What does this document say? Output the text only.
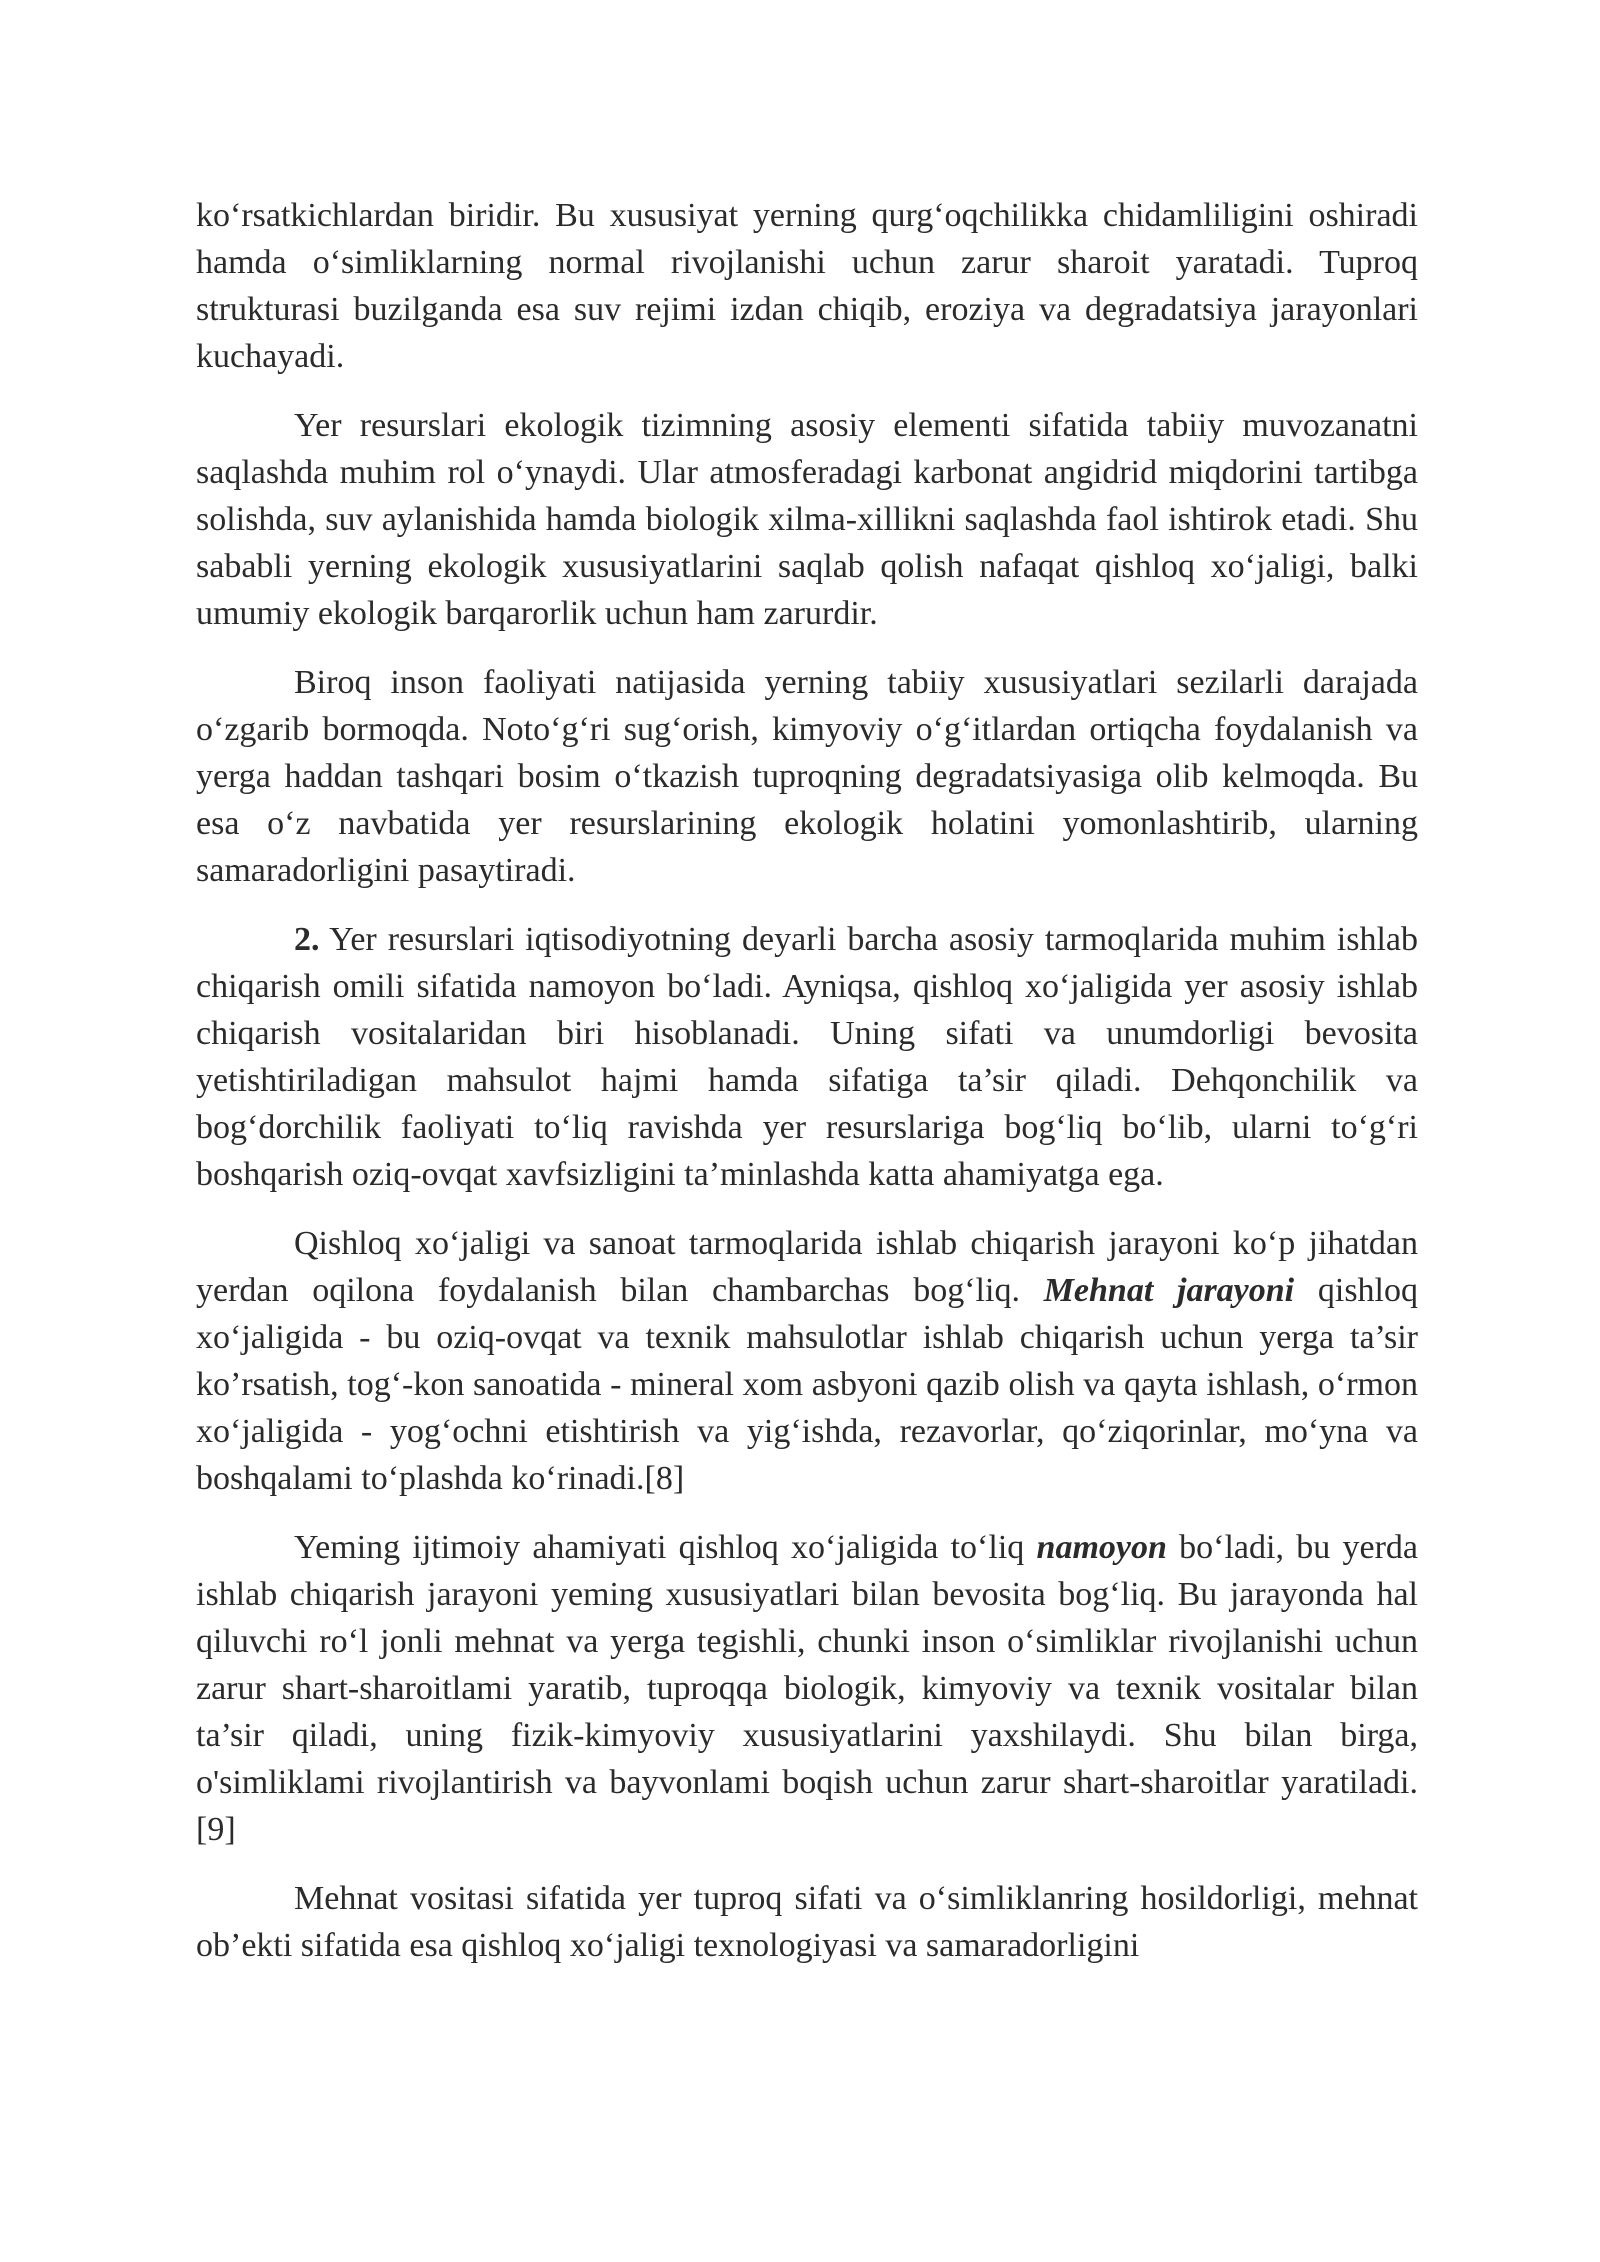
ko‘rsatkichlardan biridir. Bu xususiyat yerning qurg‘oqchilikka chidamliligini oshiradi hamda o‘simliklarning normal rivojlanishi uchun zarur sharoit yaratadi. Tuproq strukturasi buzilganda esa suv rejimi izdan chiqib, eroziya va degradatsiya jarayonlari kuchayadi.

Yer resurslari ekologik tizimning asosiy elementi sifatida tabiiy muvozanatni saqlashda muhim rol o‘ynaydi. Ular atmosferadagi karbonat angidrid miqdorini tartibga solishda, suv aylanishida hamda biologik xilma-xillikni saqlashda faol ishtirok etadi. Shu sababli yerning ekologik xususiyatlarini saqlab qolish nafaqat qishloq xo‘jaligi, balki umumiy ekologik barqarorlik uchun ham zarurdir.

Biroq inson faoliyati natijasida yerning tabiiy xususiyatlari sezilarli darajada o‘zgarib bormoqda. Noto‘g‘ri sug‘orish, kimyoviy o‘g‘itlardan ortiqcha foydalanish va yerga haddan tashqari bosim o‘tkazish tuproqning degradatsiyasiga olib kelmoqda. Bu esa o‘z navbatida yer resurslarining ekologik holatini yomonlashtirib, ularning samaradorligini pasaytiradi.

2. Yer resurslari iqtisodiyotning deyarli barcha asosiy tarmoqlarida muhim ishlab chiqarish omili sifatida namoyon bo‘ladi. Ayniqsa, qishloq xo‘jaligida yer asosiy ishlab chiqarish vositalaridan biri hisoblanadi. Uning sifati va unumdorligi bevosita yetishtiriladigan mahsulot hajmi hamda sifatiga ta’sir qiladi. Dehqonchilik va bog‘dorchilik faoliyati to‘liq ravishda yer resurslariga bog‘liq bo‘lib, ularni to‘g‘ri boshqarish oziq-ovqat xavfsizligini ta’minlashda katta ahamiyatga ega.

Qishloq xo‘jaligi va sanoat tarmoqlarida ishlab chiqarish jarayoni ko‘p jihatdan yerdan oqilona foydalanish bilan chambarchas bog‘liq. Mehnat jarayoni qishloq xo‘jaligida - bu oziq-ovqat va texnik mahsulotlar ishlab chiqarish uchun yerga ta’sir ko’rsatish, tog‘-kon sanoatida - mineral xom asbyoni qazib olish va qayta ishlash, o‘rmon xo‘jaligida - yog‘ochni etishtirish va yig‘ishda, rezavorlar, qo‘ziqorinlar, mo‘yna va boshqalami to‘plashda ko‘rinadi.[8]

Yeming ijtimoiy ahamiyati qishloq xo‘jaligida to‘liq namoyon bo‘ladi, bu yerda ishlab chiqarish jarayoni yeming xususiyatlari bilan bevosita bog‘liq. Bu jarayonda hal qiluvchi ro‘l jonli mehnat va yerga tegishli, chunki inson o‘simliklar rivojlanishi uchun zarur shart-sharoitlami yaratib, tuproqqa biologik, kimyoviy va texnik vositalar bilan ta’sir qiladi, uning fizik-kimyoviy xususiyatlarini yaxshilaydi. Shu bilan birga, o'simliklami rivojlantirish va bayvonlami boqish uchun zarur shart-sharoitlar yaratiladi.[9]

Mehnat vositasi sifatida yer tuproq sifati va o‘simliklanring hosildorligi, mehnat ob’ekti sifatida esa qishloq xo‘jaligi texnologiyasi va samaradorligini
